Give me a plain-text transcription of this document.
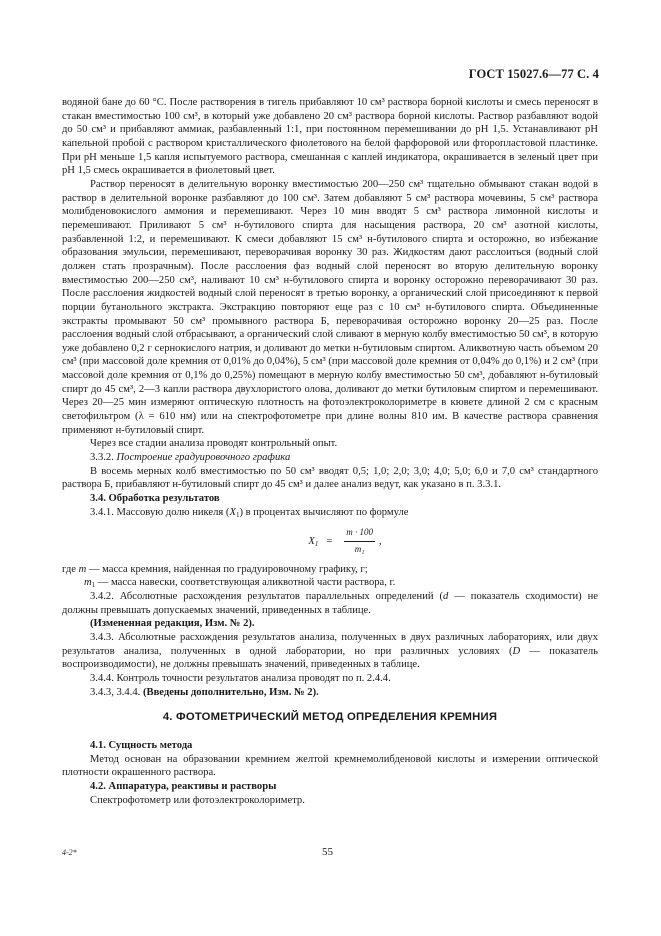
ГОСТ 15027.6—77 С. 4

водяной бане до 60 °С. После растворения в тигель прибавляют 10 см³ раствора борной кислоты и смесь переносят в стакан вместимостью 100 см³, в который уже добавлено 20 см³ раствора борной кислоты. Раствор разбавляют водой до 50 см³ и прибавляют аммиак, разбавленный 1:1, при постоянном перемешивании до рН 1,5. Устанавливают рН капельной пробой с раствором кристаллического фиолетового на белой фарфоровой или фторопластовой пластинке. При рН меньше 1,5 капля испытуемого раствора, смешанная с каплей индикатора, окрашивается в зеленый цвет при рН 1,5 смесь окрашивается в фиолетовый цвет.

Раствор переносят в делительную воронку вместимостью 200—250 см³ тщательно обмывают стакан водой в раствор в делительной воронке разбавляют до 100 см³. Затем добавляют 5 см³ раствора мочевины, 5 см³ раствора молибденовокислого аммония и перемешивают. Через 10 мин вводят 5 см³ раствора лимонной кислоты и перемешивают. Приливают 5 см³ н-бутилового спирта для насыщения раствора, 20 см³ азотной кислоты, разбавленной 1:2, и перемешивают. К смеси добавляют 15 см³ н-бутилового спирта и осторожно, во избежание образования эмульсии, перемешивают, переворачивая воронку 30 раз. Жидкостям дают расслоиться (водный слой должен стать прозрачным). После расслоения фаз водный слой переносят во вторую делительную воронку вместимостью 200—250 см³, наливают 10 см³ н-бутилового спирта и воронку осторожно переворачивают 30 раз. После расслоения жидкостей водный слой переносят в третью воронку, а органический слой присоединяют к первой порции бутанольного экстракта. Экстракцию повторяют еще раз с 10 см³ н-бутилового спирта. Объединенные экстракты промывают 50 см³ промывного раствора Б, переворачивая осторожно воронку 20—25 раз. После расслоения водный слой отбрасывают, а органический слой сливают в мерную колбу вместимостью 50 см³, в которую уже добавлено 0,2 г сернокислого натрия, и доливают до метки н-бутиловым спиртом. Аликвотную часть объемом 20 см³ (при массовой доле кремния от 0,01% до 0,04%), 5 см³ (при массовой доле кремния от 0,04% до 0,1%) и 2 см³ (при массовой доле кремния от 0,1% до 0,25%) помещают в мерную колбу вместимостью 50 см³, добавляют н-бутиловый спирт до 45 см³, 2—3 капли раствора двухлористого олова, доливают до метки бутиловым спиртом и перемешивают. Через 20—25 мин измеряют оптическую плотность на фотоэлектроколориметре в кювете длиной 2 см с красным светофильтром (λ = 610 нм) или на спектрофотометре при длине волны 810 им. В качестве раствора сравнения применяют н-бутиловый спирт.

Через все стадии анализа проводят контрольный опыт.

3.3.2. Построение градуировочного графика

В восемь мерных колб вместимостью по 50 см³ вводят 0,5; 1,0; 2,0; 3,0; 4,0; 5,0; 6,0 и 7,0 см³ стандартного раствора Б, прибавляют н-бутиловый спирт до 45 см³ и далее анализ ведут, как указано в п. 3.3.1.

3.4. Обработка результатов

3.4.1. Массовую долю никеля $(X_1)$ в процентах вычисляют по формуле

$X_1 = \frac{m \cdot 100}{\text{m₁}}$ ,

где m — масса кремния, найденная по градуировочному графику, г;

$m_1$ — масса навески, соответствующая аликвотной части раствора, г.

3.4.2. Абсолютные расхождения результатов параллельных определений (d — показатель сходимости) не должны превышать допускаемых значений, приведенных в таблице.

(Измененная редакция, Изм. № 2).

3.4.3. Абсолютные расхождения результатов анализа, полученных в двух различных лабораториях, или двух результатов анализа, полученных в одной лаборатории, но при различных условиях (D — показатель воспроизводимости), не должны превышать значений, приведенных в таблице.

3.4.4. Контроль точности результатов анализа проводят по п. 2.4.4.

3.4.3, 3.4.4. (Введены дополнительно, Изм. № 2).

4. ФОТОМЕТРИЧЕСКИЙ МЕТОД ОПРЕДЕЛЕНИЯ КРЕМНИЯ

4.1. Сущность метода

Метод основан на образовании кремнием желтой кремнемолибденовой кислоты и измерении оптической плотности окрашенного раствора.

4.2. Аппаратура, реактивы и растворы

Спектрофотометр или фотоэлектроколориметр.

4-2*	55
